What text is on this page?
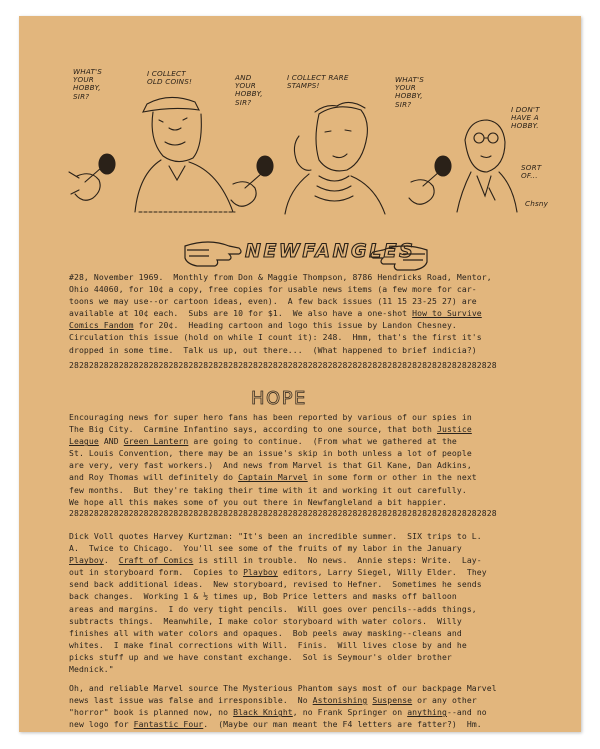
WHAT'S
YOUR
HOBBY,
SIR?
I COLLECT
OLD COINS!	AND
YOUR
HOBBY,
SIR?
I COLLECT RARE
STAMPS!
WHAT'S
YOUR
HOBBY,
SIR?
I DON'T
HAVE A
HOBBY.
SORT
OF...
Chsny
NEWFANGLES
#28, November 1969.  Monthly from Don & Maggie Thompson, 8786 Hendricks Road, Mentor,
Ohio 44060, for 10¢ a copy, free copies for usable news items (a few more for car-
toons we may use--or cartoon ideas, even).  A few back issues (11 15 23-25 27) are
available at 10¢ each.  Subs are 10 for $1.  We also have a one-shot How to Survive
Comics Fandom for 20¢.  Heading cartoon and logo this issue by Landon Chesney.
Circulation this issue (hold on while I count it): 248.  Hmm, that's the first it's
dropped in some time.  Talk us up, out there...  (What happened to brief indicia?)
28282828282828282828282828282828282828282828282828282828282828282828282828282828282828
HOPE
Encouraging news for super hero fans has been reported by various of our spies in
The Big City.  Carmine Infantino says, according to one source, that both Justice
League AND Green Lantern are going to continue.  (From what we gathered at the
St. Louis Convention, there may be an issue's skip in both unless a lot of people
are very, very fast workers.)  And news from Marvel is that Gil Kane, Dan Adkins,
and Roy Thomas will definitely do Captain Marvel in some form or other in the next
few months.  But they're taking their time with it and working it out carefully.
We hope all this makes some of you out there in Newfangleland a bit happier.
28282828282828282828282828282828282828282828282828282828282828282828282828282828282828
Dick Voll quotes Harvey Kurtzman: "It's been an incredible summer.  SIX trips to L.
A.  Twice to Chicago.  You'll see some of the fruits of my labor in the January
Playboy.  Craft of Comics is still in trouble.  No news.  Annie steps: Write.  Lay-
out in storyboard form.  Copies to Playboy editors, Larry Siegel, Willy Elder.  They
send back additional ideas.  New storyboard, revised to Hefner.  Sometimes he sends
back changes.  Working 1 & ½ times up, Bob Price letters and masks off balloon
areas and margins.  I do very tight pencils.  Will goes over pencils--adds things,
subtracts things.  Meanwhile, I make color storyboard with water colors.  Willy
finishes all with water colors and opaques.  Bob peels away masking--cleans and
whites.  I make final corrections with Will.  Finis.  Will lives close by and he
picks stuff up and we have constant exchange.  Sol is Seymour's older brother
Mednick."
Oh, and reliable Marvel source The Mysterious Phantom says most of our backpage Marvel
news last issue was false and irresponsible.  No Astonishing Suspense or any other
"horror" book is planned now, no Black Knight, no Frank Springer on anything--and no
new logo for Fantastic Four.  (Maybe our man meant the F4 letters are fatter?)  Hm.
